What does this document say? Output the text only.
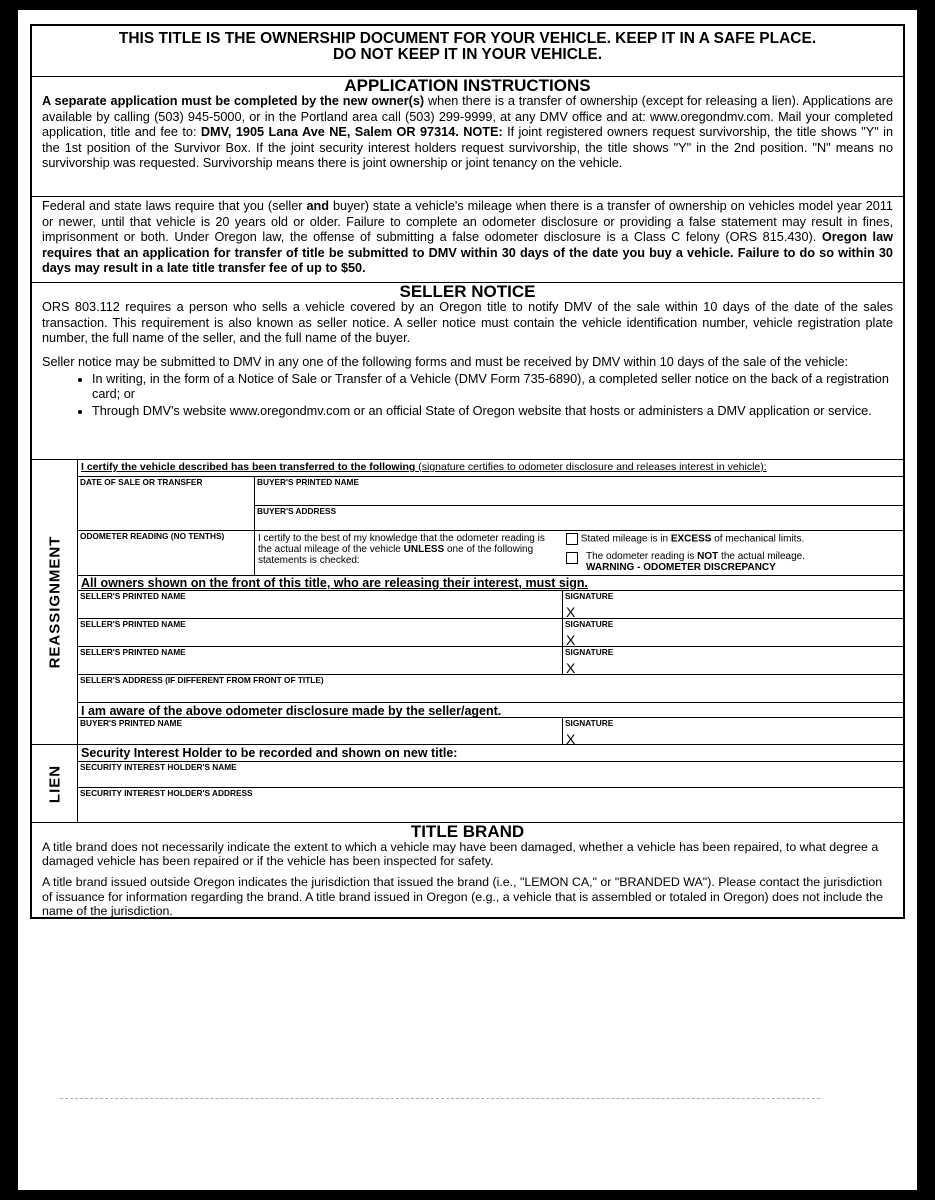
THIS TITLE IS THE OWNERSHIP DOCUMENT FOR YOUR VEHICLE. KEEP IT IN A SAFE PLACE.
DO NOT KEEP IT IN YOUR VEHICLE.
APPLICATION INSTRUCTIONS

A separate application must be completed by the new owner(s) when there is a transfer of ownership (except for releasing a lien). Applications are available by calling (503) 945-5000, or in the Portland area call (503) 299-9999, at any DMV office and at: www.oregondmv.com. Mail your completed application, title and fee to: DMV, 1905 Lana Ave NE, Salem OR 97314. NOTE: If joint registered owners request survivorship, the title shows "Y" in the 1st position of the Survivor Box. If the joint security interest holders request survivorship, the title shows "Y" in the 2nd position. "N" means no survivorship was requested. Survivorship means there is joint ownership or joint tenancy on the vehicle.

Federal and state laws require that you (seller and buyer) state a vehicle's mileage when there is a transfer of ownership on vehicles model year 2011 or newer, until that vehicle is 20 years old or older. Failure to complete an odometer disclosure or providing a false statement may result in fines, imprisonment or both. Under Oregon law, the offense of submitting a false odometer disclosure is a Class C felony (ORS 815.430). Oregon law requires that an application for transfer of title be submitted to DMV within 30 days of the date you buy a vehicle. Failure to do so within 30 days may result in a late title transfer fee of up to $50.

SELLER NOTICE

ORS 803.112 requires a person who sells a vehicle covered by an Oregon title to notify DMV of the sale within 10 days of the date of the sales transaction. This requirement is also known as seller notice. A seller notice must contain the vehicle identification number, vehicle registration plate number, the full name of the seller, and the full name of the buyer.

Seller notice may be submitted to DMV in any one of the following forms and must be received by DMV within 10 days of the sale of the vehicle:

• In writing, in the form of a Notice of Sale or Transfer of a Vehicle (DMV Form 735-6890), a completed seller notice on the back of a registration card; or
• Through DMV's website www.oregondmv.com or an official State of Oregon website that hosts or administers a DMV application or service.
REASSIGNMENT
I certify the vehicle described has been transferred to the following (signature certifies to odometer disclosure and releases interest in vehicle):
DATE OF SALE OR TRANSFER	BUYER'S PRINTED NAME
BUYER'S ADDRESS
ODOMETER READING (NO TENTHS)	I certify to the best of my knowledge that the odometer reading is the actual mileage of the vehicle UNLESS one of the following statements is checked:
Stated mileage is in EXCESS of mechanical limits.
The odometer reading is NOT the actual mileage.
WARNING - ODOMETER DISCREPANCY
All owners shown on the front of this title, who are releasing their interest, must sign.
SELLER'S PRINTED NAME	SIGNATURE
X
SELLER'S PRINTED NAME	SIGNATURE
X
SELLER'S PRINTED NAME	SIGNATURE
X
SELLER'S ADDRESS (IF DIFFERENT FROM FRONT OF TITLE)
I am aware of the above odometer disclosure made by the seller/agent.
BUYER'S PRINTED NAME	SIGNATURE
X
LIEN
Security Interest Holder to be recorded and shown on new title:
SECURITY INTEREST HOLDER'S NAME
SECURITY INTEREST HOLDER'S ADDRESS
TITLE BRAND

A title brand does not necessarily indicate the extent to which a vehicle may have been damaged, whether a vehicle has been repaired, to what degree a damaged vehicle has been repaired or if the vehicle has been inspected for safety.

A title brand issued outside Oregon indicates the jurisdiction that issued the brand (i.e., "LEMON CA," or "BRANDED WA"). Please contact the jurisdiction of issuance for information regarding the brand. A title brand issued in Oregon (e.g., a vehicle that is assembled or totaled in Oregon) does not include the name of the jurisdiction.
